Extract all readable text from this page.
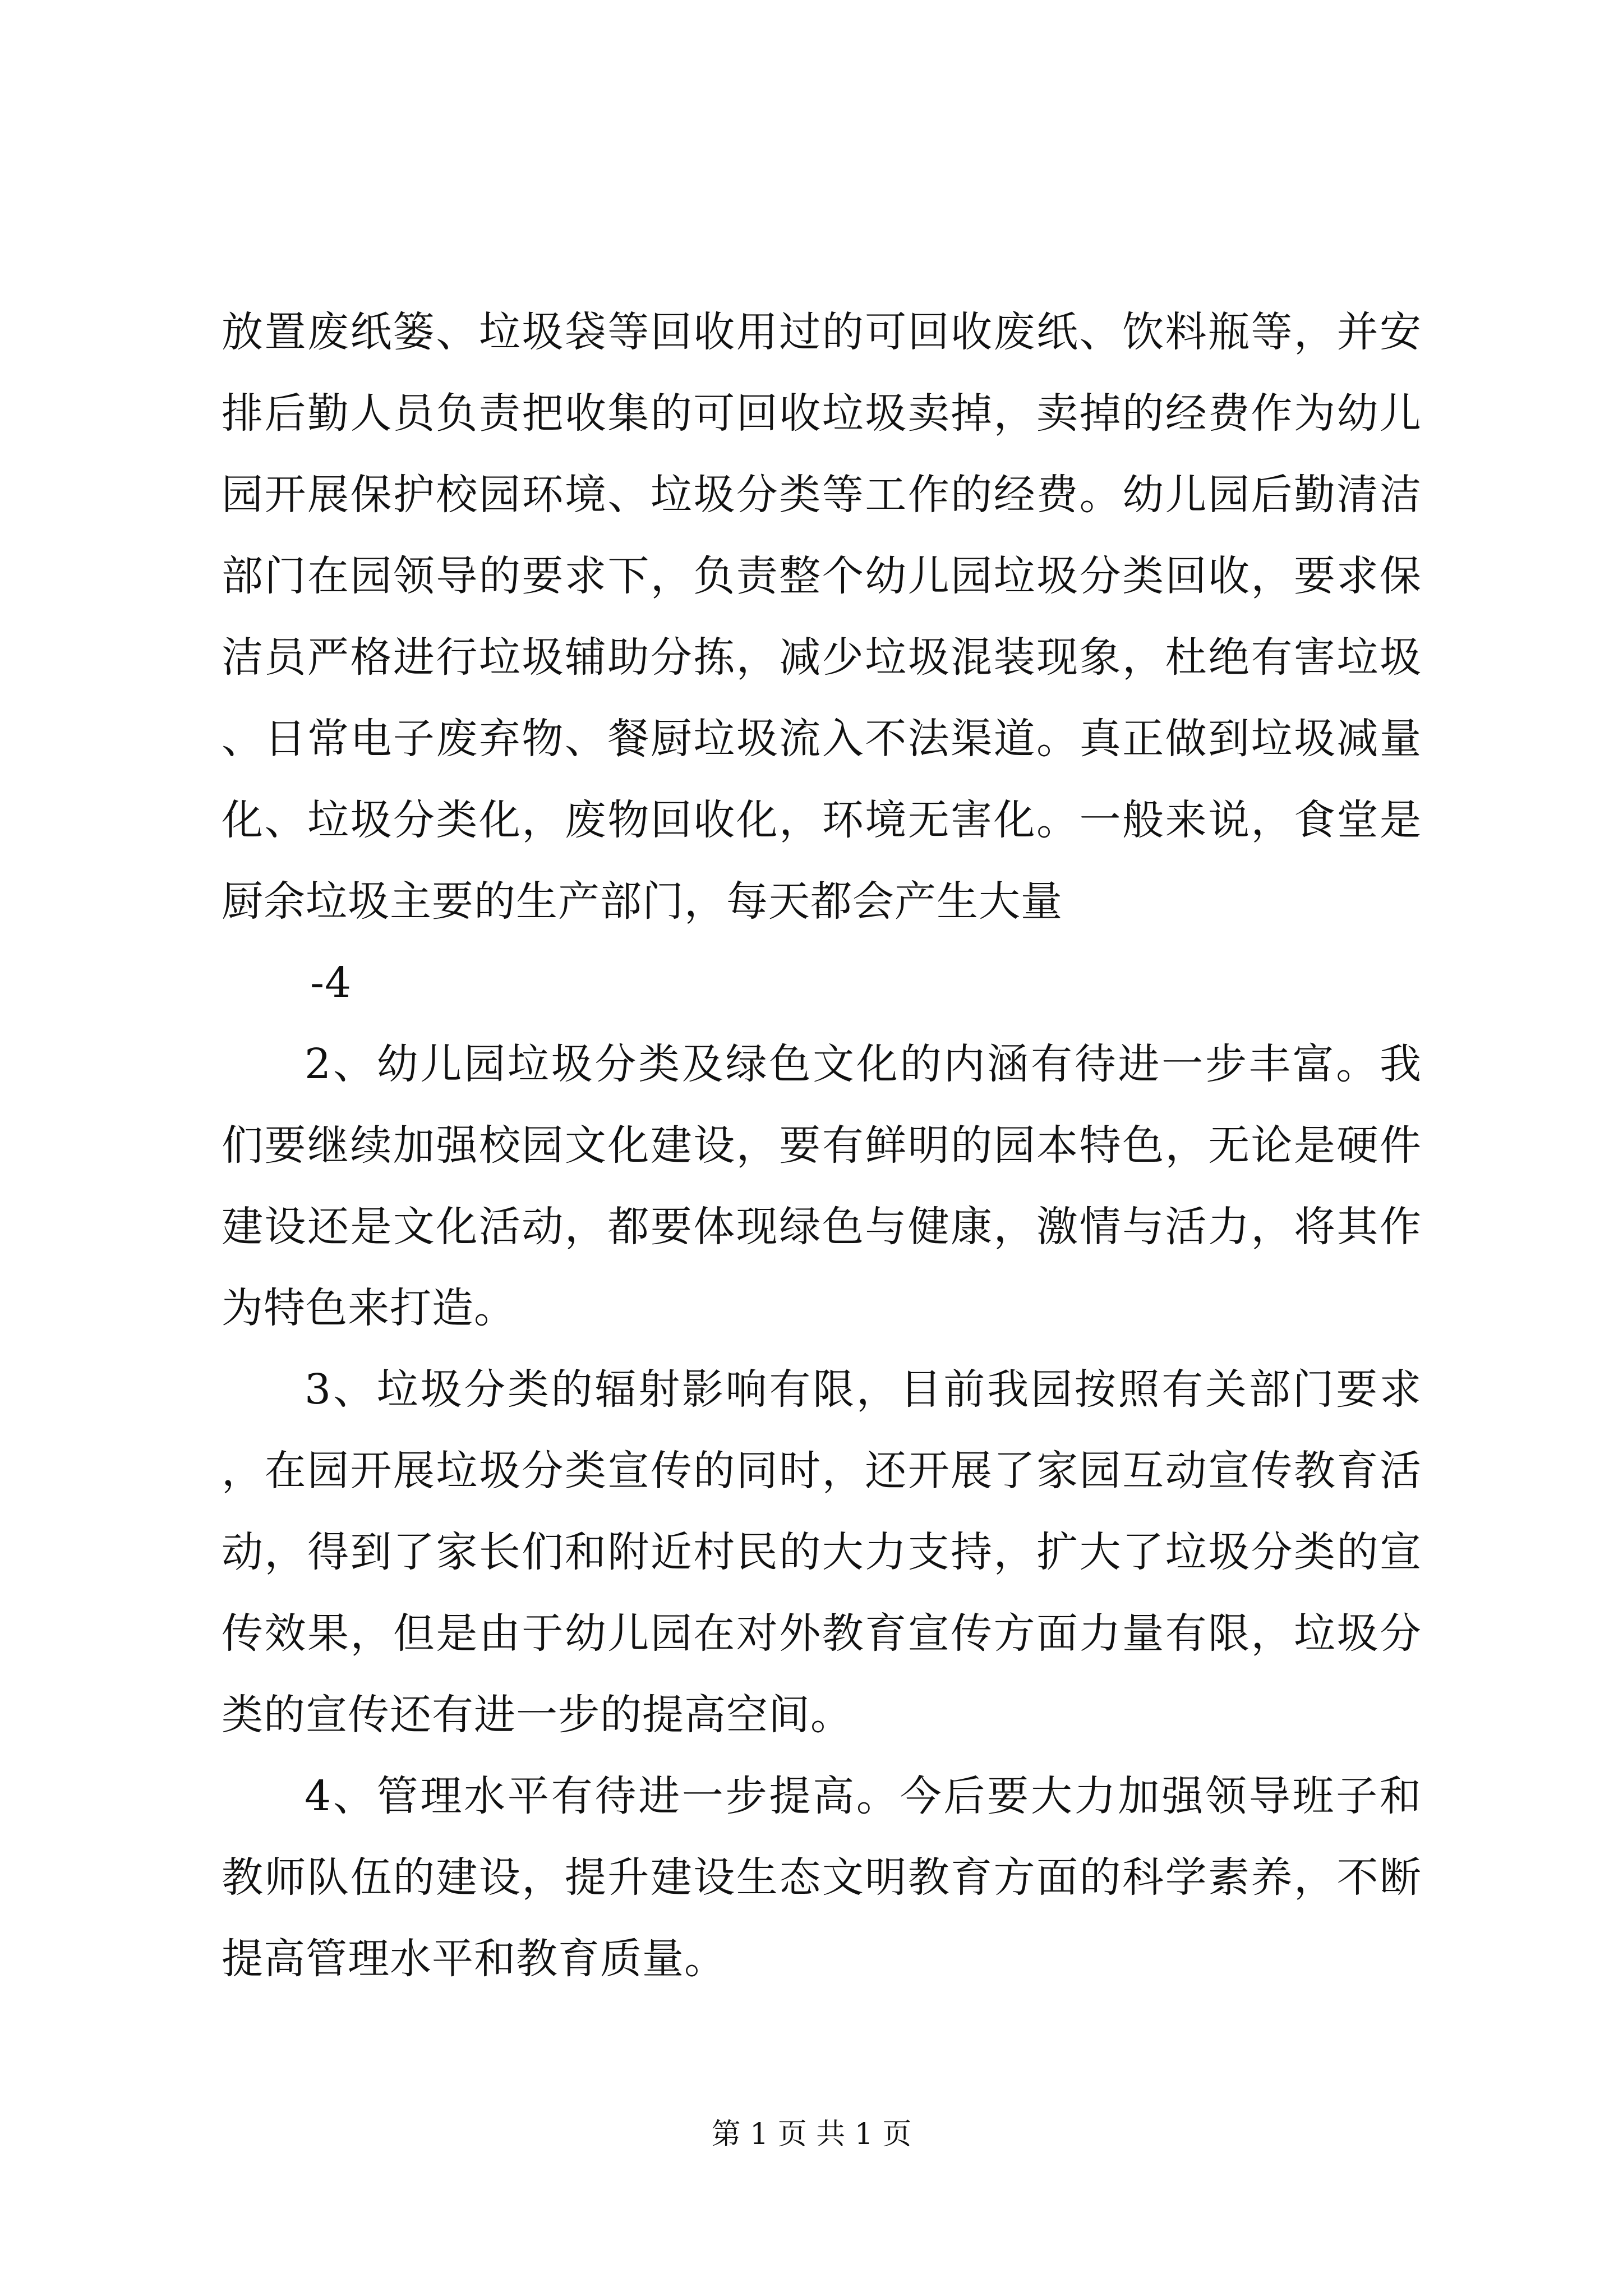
放置废纸篓、垃圾袋等回收用过的可回收废纸、饮料瓶等，并安排后勤人员负责把收集的可回收垃圾卖掉，卖掉的经费作为幼儿园开展保护校园环境、垃圾分类等工作的经费。幼儿园后勤清洁部门在园领导的要求下，负责整个幼儿园垃圾分类回收，要求保洁员严格进行垃圾辅助分拣，减少垃圾混装现象，杜绝有害垃圾、日常电子废弃物、餐厨垃圾流入不法渠道。真正做到垃圾减量化、垃圾分类化，废物回收化，环境无害化。一般来说，食堂是厨余垃圾主要的生产部门，每天都会产生大量

-4

2、幼儿园垃圾分类及绿色文化的内涵有待进一步丰富。我们要继续加强校园文化建设，要有鲜明的园本特色，无论是硬件建设还是文化活动，都要体现绿色与健康，激情与活力，将其作为特色来打造。

3、垃圾分类的辐射影响有限，目前我园按照有关部门要求，在园开展垃圾分类宣传的同时，还开展了家园互动宣传教育活动，得到了家长们和附近村民的大力支持，扩大了垃圾分类的宣传效果，但是由于幼儿园在对外教育宣传方面力量有限，垃圾分类的宣传还有进一步的提高空间。

4、管理水平有待进一步提高。今后要大力加强领导班子和教师队伍的建设，提升建设生态文明教育方面的科学素养，不断提高管理水平和教育质量。

第 1 页 共 1 页
